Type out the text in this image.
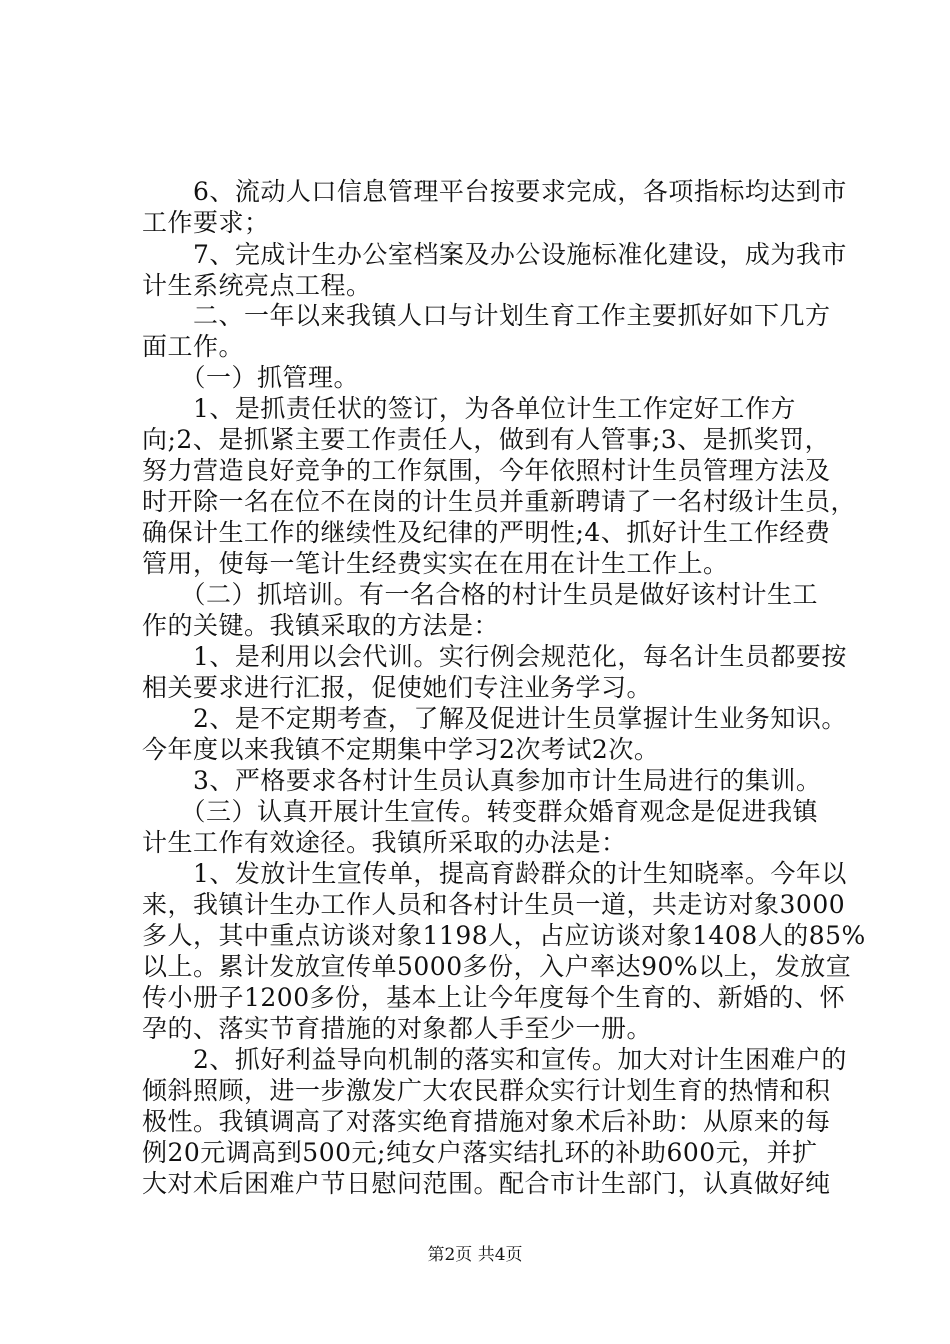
　　6、流动人口信息管理平台按要求完成，各项指标均达到市
工作要求；
　　7、完成计生办公室档案及办公设施标准化建设，成为我市
计生系统亮点工程。
　　二、一年以来我镇人口与计划生育工作主要抓好如下几方
面工作。
　　（一）抓管理。
　　1、是抓责任状的签订，为各单位计生工作定好工作方
向;2、是抓紧主要工作责任人，做到有人管事;3、是抓奖罚，
努力营造良好竞争的工作氛围，今年依照村计生员管理方法及
时开除一名在位不在岗的计生员并重新聘请了一名村级计生员，
确保计生工作的继续性及纪律的严明性;4、抓好计生工作经费
管用，使每一笔计生经费实实在在用在计生工作上。
　　（二）抓培训。有一名合格的村计生员是做好该村计生工
作的关键。我镇采取的方法是：
　　1、是利用以会代训。实行例会规范化，每名计生员都要按
相关要求进行汇报，促使她们专注业务学习。
　　2、是不定期考查，了解及促进计生员掌握计生业务知识。
今年度以来我镇不定期集中学习2次考试2次。
　　3、严格要求各村计生员认真参加市计生局进行的集训。
　　（三）认真开展计生宣传。转变群众婚育观念是促进我镇
计生工作有效途径。我镇所采取的办法是：
　　1、发放计生宣传单，提高育龄群众的计生知晓率。今年以
来，我镇计生办工作人员和各村计生员一道，共走访对象3000
多人，其中重点访谈对象1198人，占应访谈对象1408人的85%
以上。累计发放宣传单5000多份，入户率达90%以上，发放宣
传小册子1200多份，基本上让今年度每个生育的、新婚的、怀
孕的、落实节育措施的对象都人手至少一册。
　　2、抓好利益导向机制的落实和宣传。加大对计生困难户的
倾斜照顾，进一步激发广大农民群众实行计划生育的热情和积
极性。我镇调高了对落实绝育措施对象术后补助：从原来的每
例20元调高到500元;纯女户落实结扎环的补助600元，并扩
大对术后困难户节日慰问范围。配合市计生部门，认真做好纯
第2页 共4页
